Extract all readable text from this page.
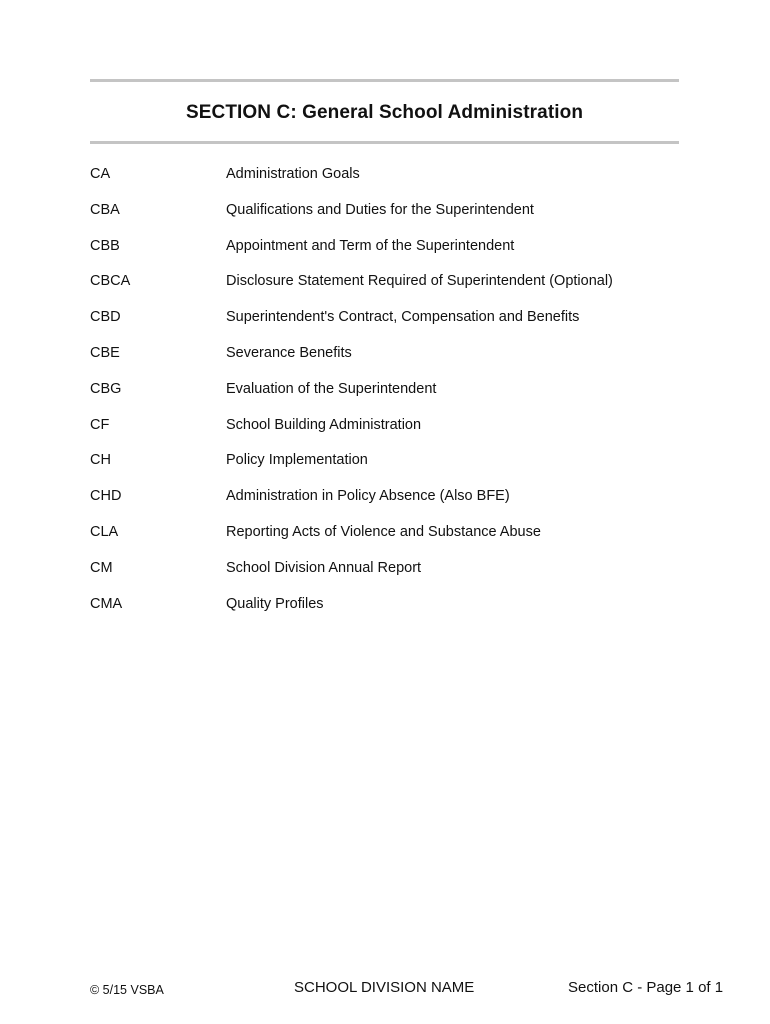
SECTION C: General School Administration
CA	Administration Goals
CBA	Qualifications and Duties for the Superintendent
CBB	Appointment and Term of the Superintendent
CBCA	Disclosure Statement Required of Superintendent (Optional)
CBD	Superintendent's Contract, Compensation and Benefits
CBE	Severance Benefits
CBG	Evaluation of the Superintendent
CF	School Building Administration
CH	Policy Implementation
CHD	Administration in Policy Absence (Also BFE)
CLA	Reporting Acts of Violence and Substance Abuse
CM	School Division Annual Report
CMA	Quality Profiles
© 5/15 VSBA	SCHOOL DIVISION NAME	Section C - Page 1 of 1
